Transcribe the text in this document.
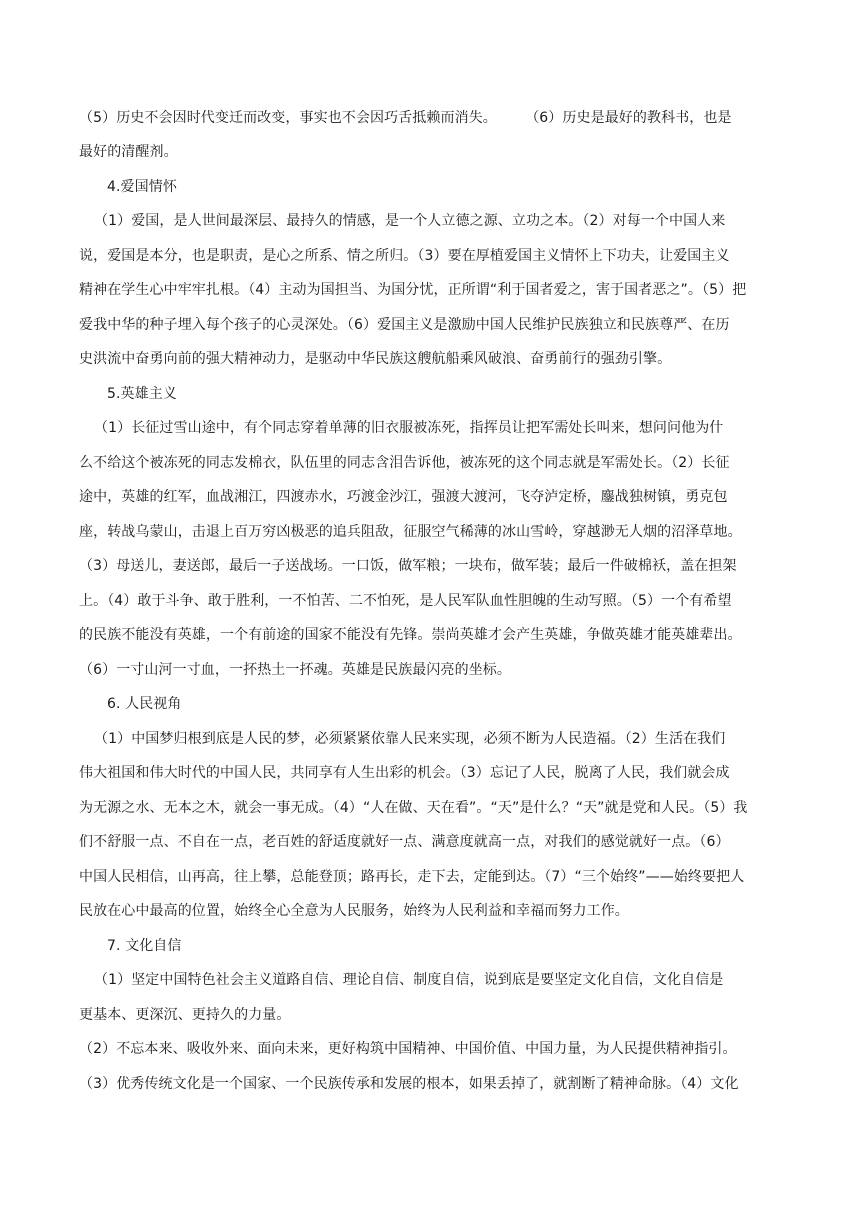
（5）历史不会因时代变迁而改变，事实也不会因巧舌抵赖而消失。　　　（6）历史是最好的教科书，也是
最好的清醒剂。
4.爱国情怀
（1）爱国，是人世间最深层、最持久的情感，是一个人立德之源、立功之本。（2）对每一个中国人来
说，爱国是本分，也是职责，是心之所系、情之所归。（3）要在厚植爱国主义情怀上下功夫，让爱国主义
精神在学生心中牢牢扎根。（4）主动为国担当、为国分忧，正所谓“利于国者爱之，害于国者恶之”。（5）把
爱我中华的种子埋入每个孩子的心灵深处。（6）爱国主义是激励中国人民维护民族独立和民族尊严、在历
史洪流中奋勇向前的强大精神动力，是驱动中华民族这艘航船乘风破浪、奋勇前行的强劲引擎。
5.英雄主义
（1）长征过雪山途中，有个同志穿着单薄的旧衣服被冻死，指挥员让把军需处长叫来，想问问他为什
么不给这个被冻死的同志发棉衣，队伍里的同志含泪告诉他，被冻死的这个同志就是军需处长。（2）长征
途中，英雄的红军，血战湘江，四渡赤水，巧渡金沙江，强渡大渡河，飞夺泸定桥，鏖战独树镇，勇克包
座，转战乌蒙山，击退上百万穷凶极恶的追兵阻敌，征服空气稀薄的冰山雪岭，穿越渺无人烟的沼泽草地。
（3）母送儿，妻送郎，最后一子送战场。一口饭，做军粮；一块布，做军装；最后一件破棉袄，盖在担架
上。（4）敢于斗争、敢于胜利，一不怕苦、二不怕死，是人民军队血性胆魄的生动写照。（5）一个有希望
的民族不能没有英雄，一个有前途的国家不能没有先锋。崇尚英雄才会产生英雄，争做英雄才能英雄辈出。
（6）一寸山河一寸血，一抔热土一抔魂。英雄是民族最闪亮的坐标。
6. 人民视角
（1）中国梦归根到底是人民的梦，必须紧紧依靠人民来实现，必须不断为人民造福。（2）生活在我们
伟大祖国和伟大时代的中国人民，共同享有人生出彩的机会。（3）忘记了人民，脱离了人民，我们就会成
为无源之水、无本之木，就会一事无成。（4）“人在做、天在看”。“天”是什么？“天”就是党和人民。（5）我
们不舒服一点、不自在一点，老百姓的舒适度就好一点、满意度就高一点，对我们的感觉就好一点。（6）
中国人民相信，山再高，往上攀，总能登顶；路再长，走下去，定能到达。（7）“三个始终”——始终要把人
民放在心中最高的位置，始终全心全意为人民服务，始终为人民利益和幸福而努力工作。
7. 文化自信
（1）坚定中国特色社会主义道路自信、理论自信、制度自信，说到底是要坚定文化自信，文化自信是
更基本、更深沉、更持久的力量。
（2）不忘本来、吸收外来、面向未来，更好构筑中国精神、中国价值、中国力量，为人民提供精神指引。
（3）优秀传统文化是一个国家、一个民族传承和发展的根本，如果丢掉了，就割断了精神命脉。（4）文化
